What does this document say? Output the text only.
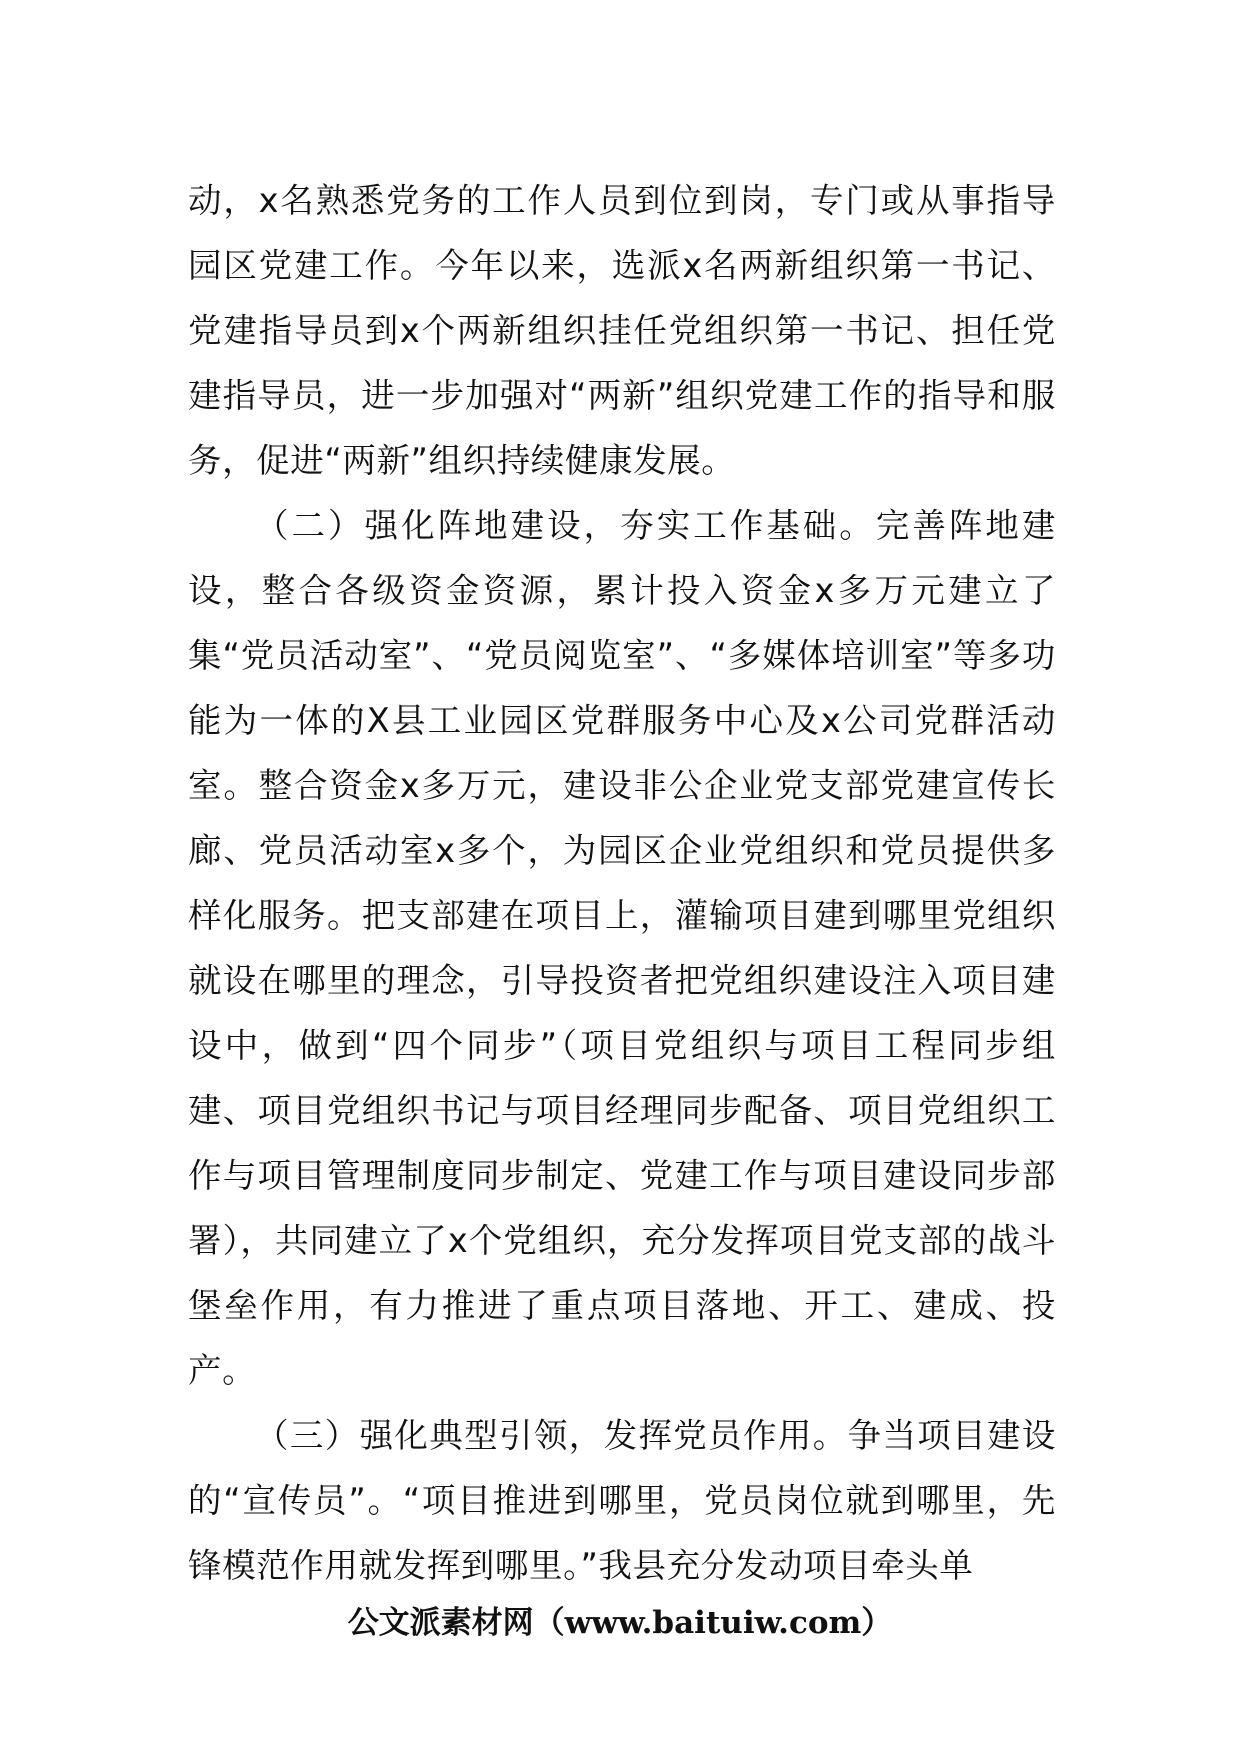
动，x名熟悉党务的工作人员到位到岗，专门或从事指导园区党建工作。今年以来，选派x名两新组织第一书记、党建指导员到x个两新组织挂任党组织第一书记、担任党建指导员，进一步加强对“两新”组织党建工作的指导和服务，促进“两新”组织持续健康发展。

（二）强化阵地建设，夯实工作基础。完善阵地建设，整合各级资金资源，累计投入资金x多万元建立了集“党员活动室”、“党员阅览室”、“多媒体培训室”等多功能为一体的X县工业园区党群服务中心及x公司党群活动室。整合资金x多万元，建设非公企业党支部党建宣传长廊、党员活动室x多个，为园区企业党组织和党员提供多样化服务。把支部建在项目上，灌输项目建到哪里党组织就设在哪里的理念，引导投资者把党组织建设注入项目建设中，做到“四个同步”（项目党组织与项目工程同步组建、项目党组织书记与项目经理同步配备、项目党组织工作与项目管理制度同步制定、党建工作与项目建设同步部署），共同建立了x个党组织，充分发挥项目党支部的战斗堡垒作用，有力推进了重点项目落地、开工、建成、投产。

（三）强化典型引领，发挥党员作用。争当项目建设的“宣传员”。“项目推进到哪里，党员岗位就到哪里，先锋模范作用就发挥到哪里。”我县充分发动项目牵头单

公文派素材网（www.baituiw.com）
